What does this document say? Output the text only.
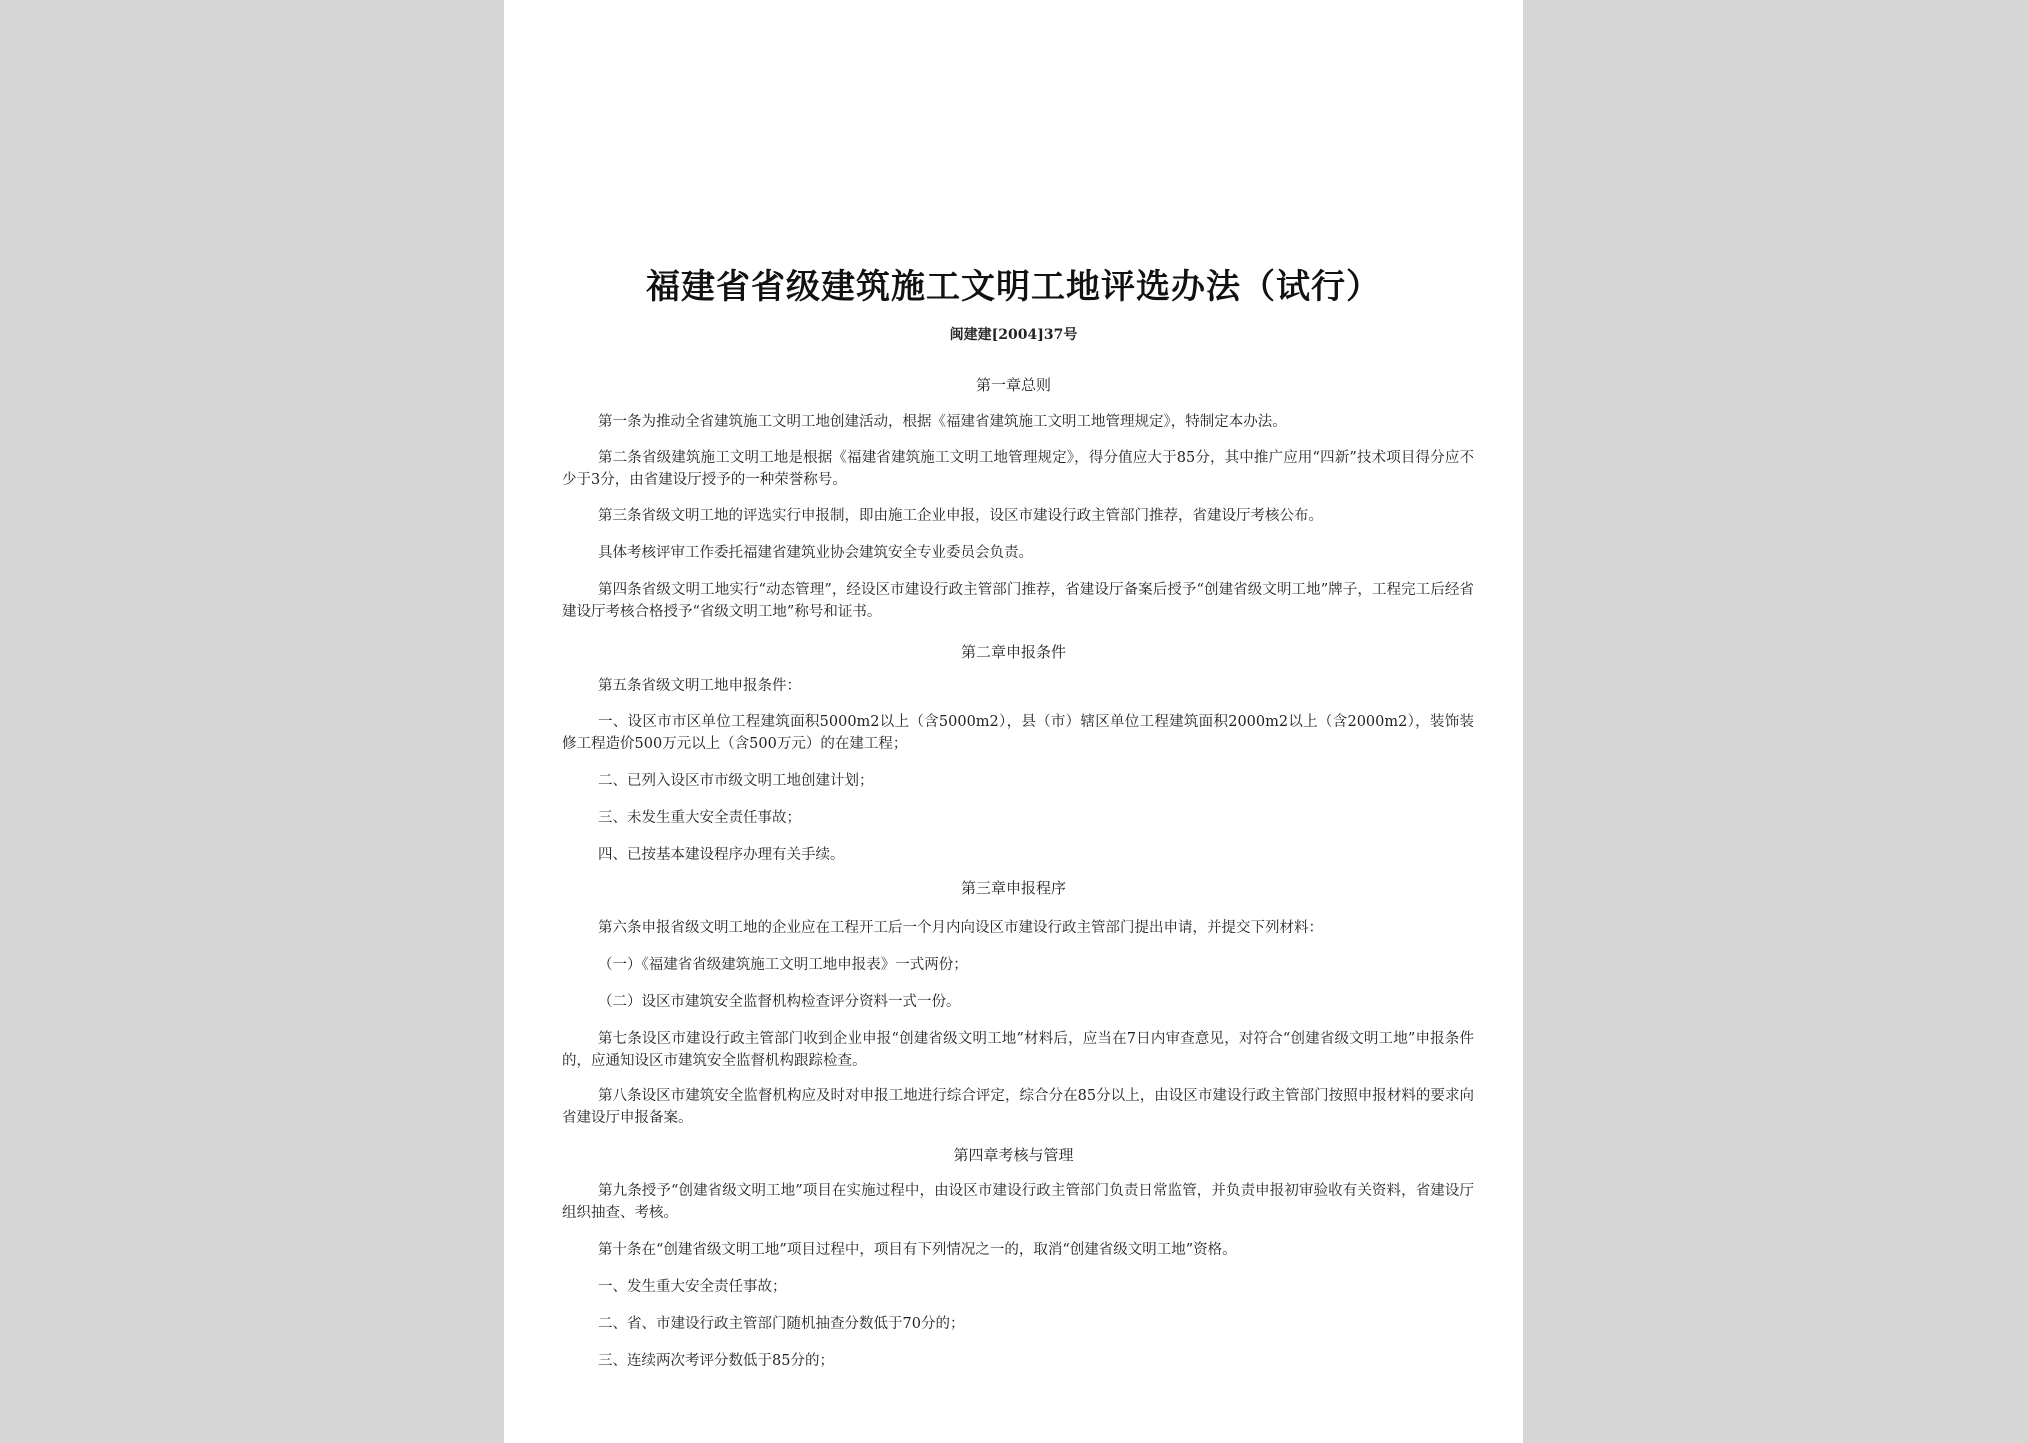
福建省省级建筑施工文明工地评选办法（试行）
闽建建[2004]37号
第一章总则
第一条为推动全省建筑施工文明工地创建活动，根据《福建省建筑施工文明工地管理规定》，特制定本办法。
第二条省级建筑施工文明工地是根据《福建省建筑施工文明工地管理规定》，得分值应大于85分，其中推广应用“四新”技术项目得分应不少于3分，由省建设厅授予的一种荣誉称号。
第三条省级文明工地的评选实行申报制，即由施工企业申报，设区市建设行政主管部门推荐，省建设厅考核公布。
具体考核评审工作委托福建省建筑业协会建筑安全专业委员会负责。
第四条省级文明工地实行“动态管理”，经设区市建设行政主管部门推荐，省建设厅备案后授予“创建省级文明工地”牌子，工程完工后经省建设厅考核合格授予“省级文明工地”称号和证书。
第二章申报条件
第五条省级文明工地申报条件：
一、设区市市区单位工程建筑面积5000m2以上（含5000m2），县（市）辖区单位工程建筑面积2000m2以上（含2000m2），装饰装修工程造价500万元以上（含500万元）的在建工程；
二、已列入设区市市级文明工地创建计划；
三、未发生重大安全责任事故；
四、已按基本建设程序办理有关手续。
第三章申报程序
第六条申报省级文明工地的企业应在工程开工后一个月内向设区市建设行政主管部门提出申请，并提交下列材料：
（一）《福建省省级建筑施工文明工地申报表》一式两份；
（二）设区市建筑安全监督机构检查评分资料一式一份。
第七条设区市建设行政主管部门收到企业申报“创建省级文明工地”材料后，应当在7日内审查意见，对符合“创建省级文明工地”申报条件的，应通知设区市建筑安全监督机构跟踪检查。
第八条设区市建筑安全监督机构应及时对申报工地进行综合评定，综合分在85分以上，由设区市建设行政主管部门按照申报材料的要求向省建设厅申报备案。
第四章考核与管理
第九条授予“创建省级文明工地”项目在实施过程中，由设区市建设行政主管部门负责日常监管，并负责申报初审验收有关资料，省建设厅组织抽查、考核。
第十条在“创建省级文明工地”项目过程中，项目有下列情况之一的，取消“创建省级文明工地”资格。
一、发生重大安全责任事故；
二、省、市建设行政主管部门随机抽查分数低于70分的；
三、连续两次考评分数低于85分的；
